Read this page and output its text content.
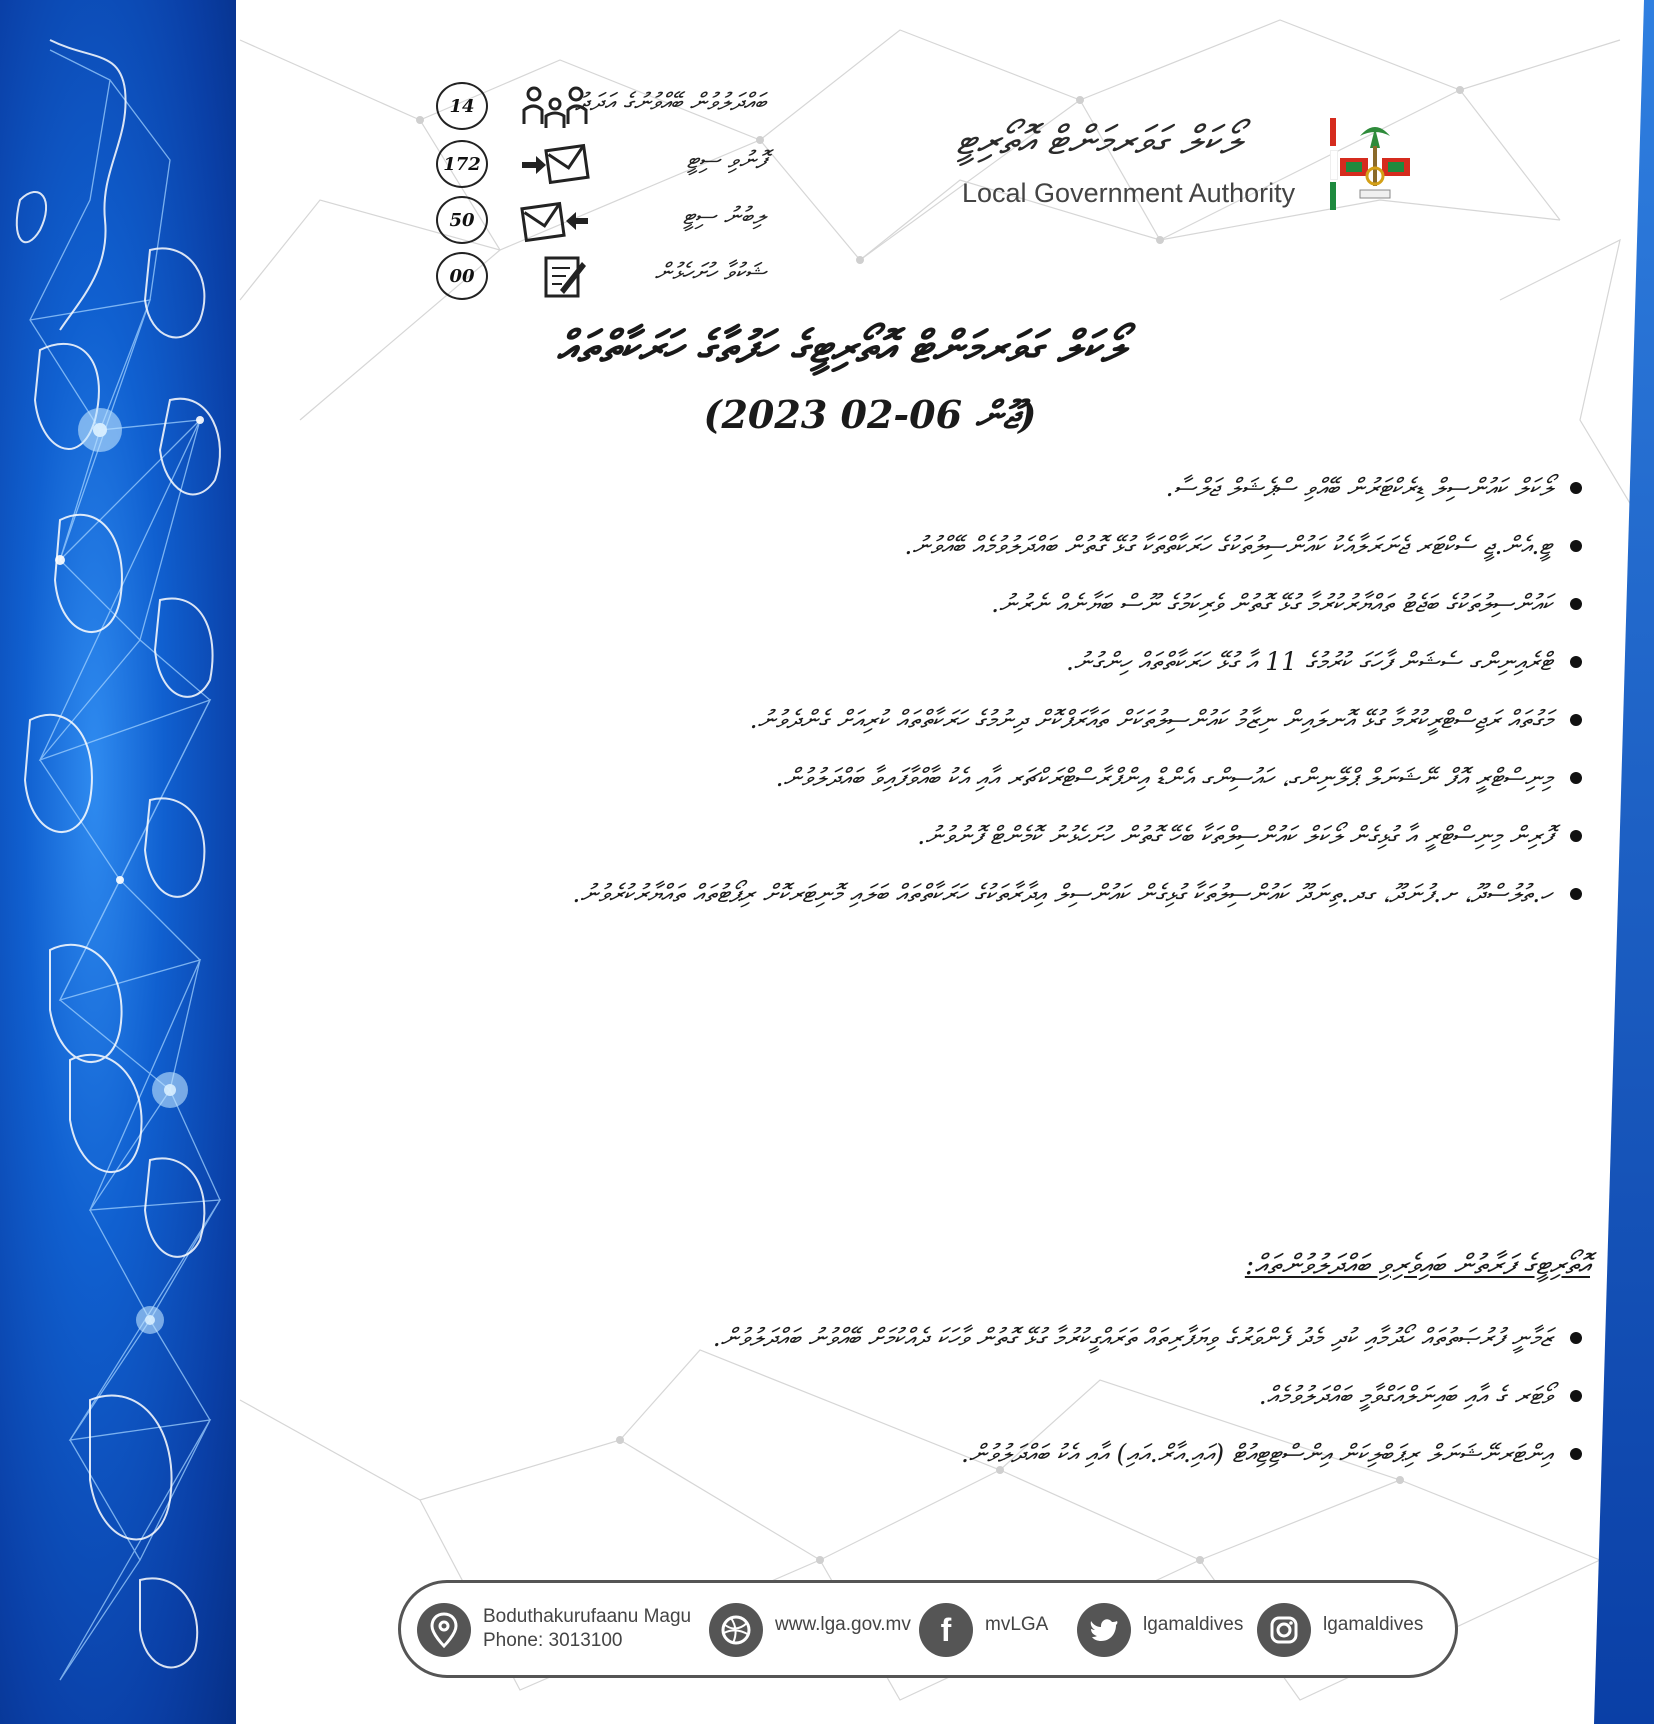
ލޯކަލް ގަވަރމަންޓް އޮތޯރިޓީ
Local Government Authority
14	ބައްދަލުވުން ބޭއްވުނުގެ އަދަދު
172	ފޮނުވި ސިޓީ
50	ލިބުނު ސިޓީ
00	ޝަކުވާ ހުށަހެޅުން
ލޯކަލް ގަވަރމަންޓް އޮތޯރިޓީގެ ހަފުތާގެ ހަރަކާތްތައް
(2023 ޖޫން 06-02)
ލޯކަލް ކައުންސިލް ޑިރެކްޓަރުން ބޭއްވި ސްޕެޝަލް ޖަލްސާ.
ޓީ.އެން.ޖީ ސެކްޓަރ ޖެނަރަލާއެކު ކައުންސިލުތަކުގެ ހަރަކާތްތަކާ ގުޅޭ ގޮތުން ބައްދަލުވުމެއް ބޭއްވުނު.
ކައުންސިލުތަކުގެ ބަޖެޓު ތައްޔާރުކުރުމާ ގުޅޭ ގޮތުން ވެރިކަމުގެ ނޫސް ބަޔާނެއް ނެރުނު.
ޓްރެއިނިންގ ސެޝަން ފާހަގަ ކުރުމުގެ 11 އާ ގުޅޭ ހަރަކާތްތައް ހިންގުނު.
މަގުތައް ރަޖިސްޓްރީކުރުމާ ގުޅޭ އޮނލައިން ނިޒާމު ކައުންސިލުތަކަށް ތައާރަފްކޮށް ދިނުމުގެ ހަރަކާތްތައް ކުރިއަށް ގެންދެވުނު.
މިނިސްޓްރީ އޮފް ނޭޝަނަލް ޕްލޭނިންގ، ހައުސިންގ އެންޑް އިންފްރާސްޓްރަކްޗަރ އާއި އެކު ބާއްވާފައިވާ ބައްދަލުވުން.
ފޮރިން މިނިސްޓްރީ އާ ގުޅިގެން ލޯކަލް ކައުންސިލްތަކާ ބެހޭ ގޮތުން ހުށަހެޅުނު ކޮމެންޓް ފޮނުވުނު.
ހ.ތުލުސްދޫ، ށ.ފުނަދޫ، ގދ.ތިނަދޫ ކައުންސިލުތަކާ ގުޅިގެން ކައުންސިލް އިދާރާތަކުގެ ހަރަކާތްތައް ބަލައި މޮނިޓަރކޮށް ރިޕޯޓުތައް ތައްޔާރުކުރެވުނު.
އޮތޯރިޓީގެ ފަރާތުން ބައިވެރިވި ބައްދަލުވުންތައް:
ޒަމާނީ ފުރުޞަތުތައް ހޯދުމާއި ކުދި މެދު ފެންވަރުގެ ވިޔަފާރިތައް ތަރައްގީކުރުމާ ގުޅޭ ގޮތުން ވާހަކަ ދެއްކުމަށް ބޭއްވުނު ބައްދަލުވުން.
ވޯޓަރ ގެ އާއި ބައިނަލްއަގްވާމީ ބައްދަލުވުމެއް.
އިންޓަރނޭޝަނަލް ރިޕަބްލިކަން އިންސްޓިޓިއުޓް (އައި.އާރް.އައި) އާއި އެކު ބައްދަލުވުން.
Boduthakurufaanu Magu
Phone: 3013100
www.lga.gov.mv f mvLGA	lgamaldives	lgamaldives
